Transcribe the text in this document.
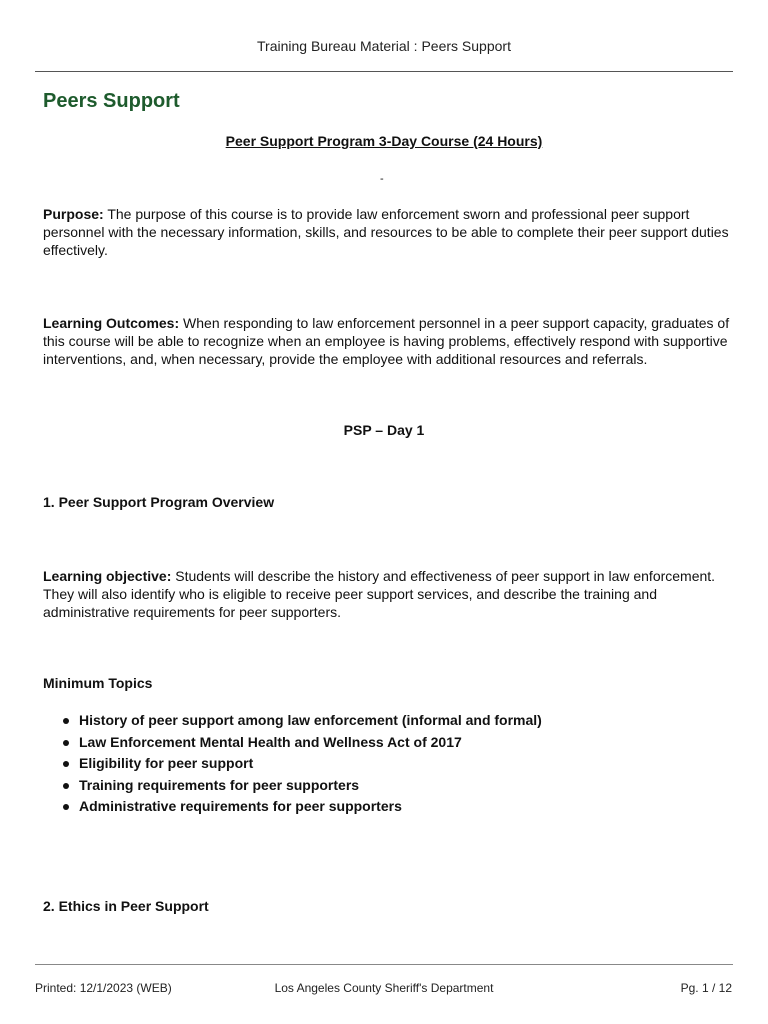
Training Bureau Material : Peers Support
Peers Support
Peer Support Program 3-Day Course (24 Hours)
-

Purpose: The purpose of this course is to provide law enforcement sworn and professional peer support personnel with the necessary information, skills, and resources to be able to complete their peer support duties effectively.

Learning Outcomes: When responding to law enforcement personnel in a peer support capacity, graduates of this course will be able to recognize when an employee is having problems, effectively respond with supportive interventions, and, when necessary, provide the employee with additional resources and referrals.

PSP – Day 1
1. Peer Support Program Overview

Learning objective: Students will describe the history and effectiveness of peer support in law enforcement. They will also identify who is eligible to receive peer support services, and describe the training and administrative requirements for peer supporters.

Minimum Topics
History of peer support among law enforcement (informal and formal)
Law Enforcement Mental Health and Wellness Act of 2017
Eligibility for peer support
Training requirements for peer supporters
Administrative requirements for peer supporters
2. Ethics in Peer Support
Printed: 12/1/2023 (WEB)	Los Angeles County Sheriff's Department	Pg. 1 / 12
